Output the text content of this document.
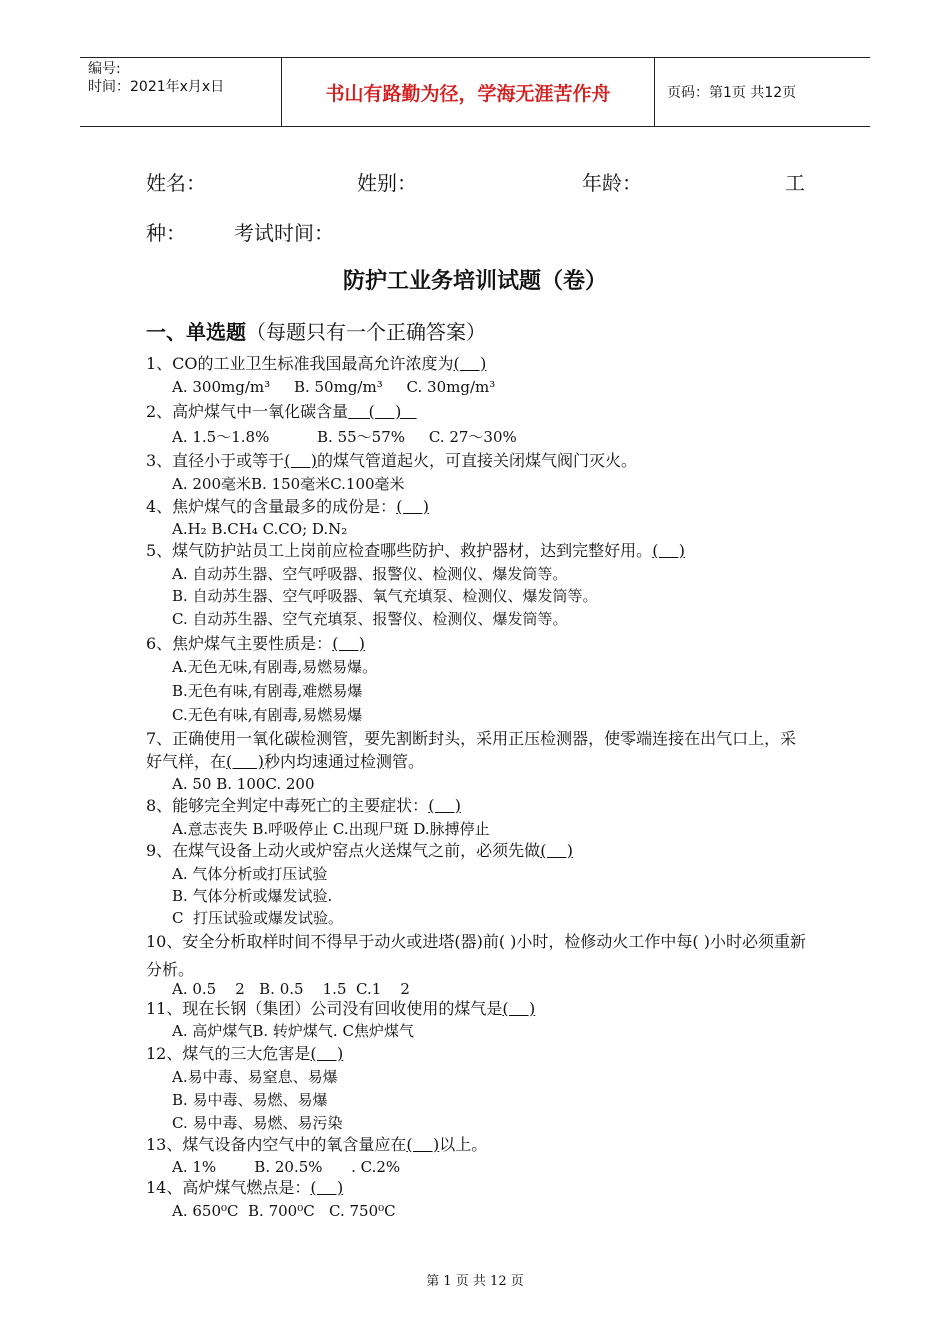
编号:
时间：2021年x月x日	书山有路勤为径，学海无涯苦作舟	页码：第1页 共12页
姓名：	姓别：	年龄：	工
种： 考试时间：
防护工业务培训试题（卷）
一、单选题（每题只有一个正确答案）
1、CO的工业卫生标准我国最高允许浓度为(    )
A. 300mg/m³     B. 50mg/m³     C. 30mg/m³
2、高炉煤气中一氧化碳含量    (    )
A. 1.5～1.8%          B. 55～57%     C. 27～30%
3、直径小于或等于(    )的煤气管道起火，可直接关闭煤气阀门灭火。
A. 200毫米B. 150毫米C.100毫米
4、焦炉煤气的含量最多的成份是：(    )
A.H₂ B.CH₄ C.CO; D.N₂
5、煤气防护站员工上岗前应检查哪些防护、救护器材，达到完整好用。(    )
A. 自动苏生器、空气呼吸器、报警仪、检测仪、爆发筒等。
B. 自动苏生器、空气呼吸器、氧气充填泵、检测仪、爆发筒等。
C. 自动苏生器、空气充填泵、报警仪、检测仪、爆发筒等。
6、焦炉煤气主要性质是：(    )
A.无色无味,有剧毒,易燃易爆。
B.无色有味,有剧毒,难燃易爆
C.无色有味,有剧毒,易燃易爆
7、正确使用一氧化碳检测管，要先割断封头，采用正压检测器，使零端连接在出气口上，采好气样，在(     )秒内均速通过检测管。
A. 50 B. 100C. 200
8、能够完全判定中毒死亡的主要症状：(    )
A.意志丧失 B.呼吸停止 C.出现尸斑 D.脉搏停止
9、在煤气设备上动火或炉窑点火送煤气之前，必须先做(    )
A. 气体分析或打压试验
B. 气体分析或爆发试验.
C  打压试验或爆发试验。
10、安全分析取样时间不得早于动火或进塔(器)前( )小时，检修动火工作中每( )小时必须重新分析。
A. 0.5    2   B. 0.5    1.5  C.1    2
11、现在长钢（集团）公司没有回收使用的煤气是(    )
A. 高炉煤气B. 转炉煤气. C焦炉煤气
12、煤气的三大危害是(    )
A.易中毒、易窒息、易爆
B. 易中毒、易燃、易爆
C. 易中毒、易燃、易污染
13、煤气设备内空气中的氧含量应在(    )以上。
A. 1%        B. 20.5%      . C.2%
14、高炉煤气燃点是：(    )
A. 650⁰C  B. 700⁰C   C. 750⁰C
第 1 页 共 12 页
